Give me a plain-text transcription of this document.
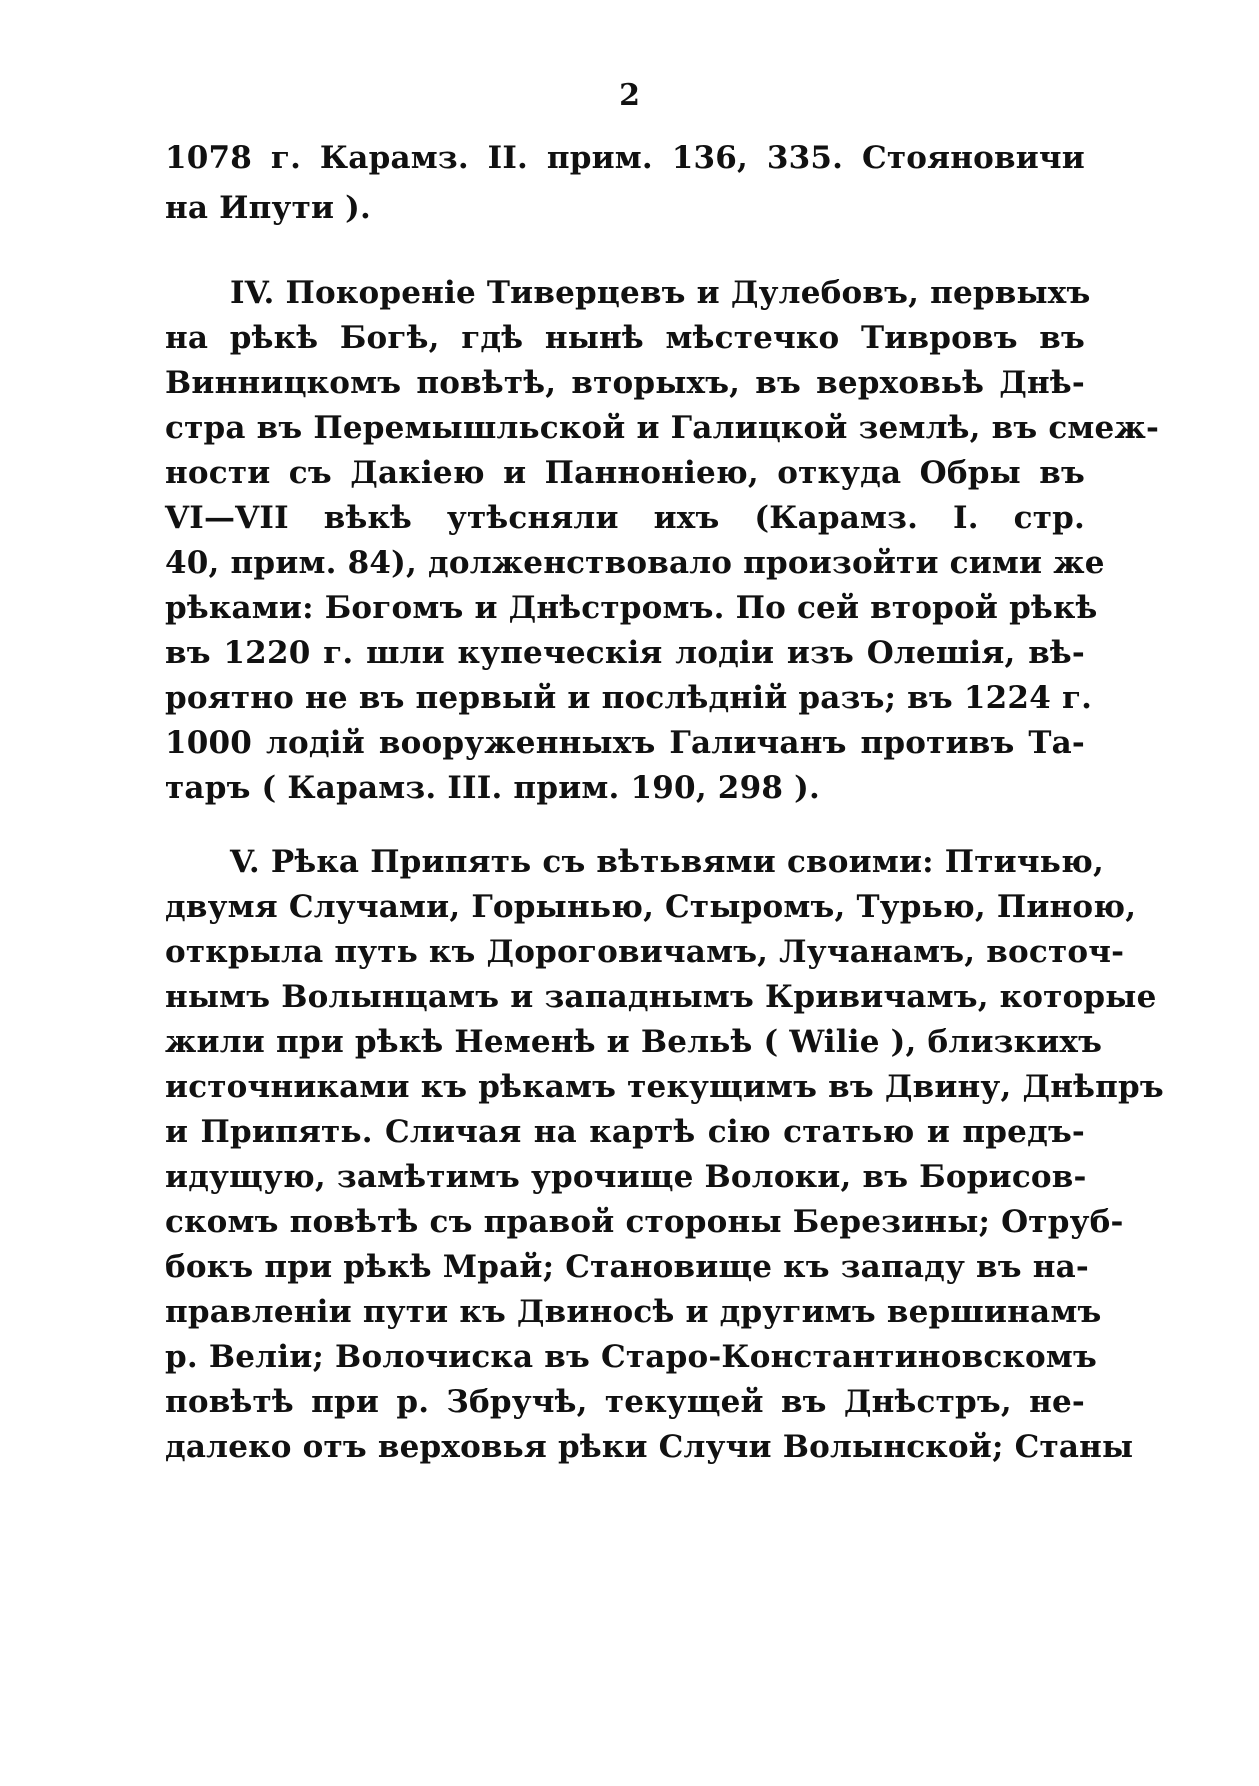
2
1078 г. Карамз. II. прим. 136, 335. Стояновичи
на Ипути ).
IV. Покореніе Тиверцевъ и Дулебовъ, первыхъ
на рѣкѣ Богѣ, гдѣ нынѣ мѣстечко Тивровъ въ
Винницкомъ повѣтѣ, вторыхъ, въ верховьѣ Днѣ-
стра въ Перемышльской и Галицкой землѣ, въ смеж-
ности съ Дакіею и Панноніею, откуда Обры въ
VI—VII вѣкѣ утѣсняли ихъ (Карамз. I. стр.
40, прим. 84), долженствовало произойти сими же
рѣками: Богомъ и Днѣстромъ. По сей второй рѣкѣ
въ 1220 г. шли купеческія лодіи изъ Олешія, вѣ-
роятно не въ первый и послѣдній разъ; въ 1224 г.
1000 лодій вооруженныхъ Галичанъ противъ Та-
таръ ( Карамз. III. прим. 190, 298 ).
V. Рѣка Припять съ вѣтьвями своими: Птичью,
двумя Случами, Горынью, Стыромъ, Турью, Пиною,
открыла путь къ Дороговичамъ, Лучанамъ, восточ-
нымъ Волынцамъ и западнымъ Кривичамъ, которые
жили при рѣкѣ Неменѣ и Вельѣ ( Wilie ), близкихъ
источниками къ рѣкамъ текущимъ въ Двину, Днѣпръ
и Припять. Сличая на картѣ сію статью и предъ-
идущую, замѣтимъ урочище Волоки, въ Борисов-
скомъ повѣтѣ съ правой стороны Березины; Отруб-
бокъ при рѣкѣ Мрай; Становище къ западу въ на-
правленіи пути къ Двиносѣ и другимъ вершинамъ
р. Веліи; Волочиска въ Старо-Константиновскомъ
повѣтѣ при р. Збручѣ, текущей въ Днѣстръ, не-
далеко отъ верховья рѣки Случи Волынской; Станы
